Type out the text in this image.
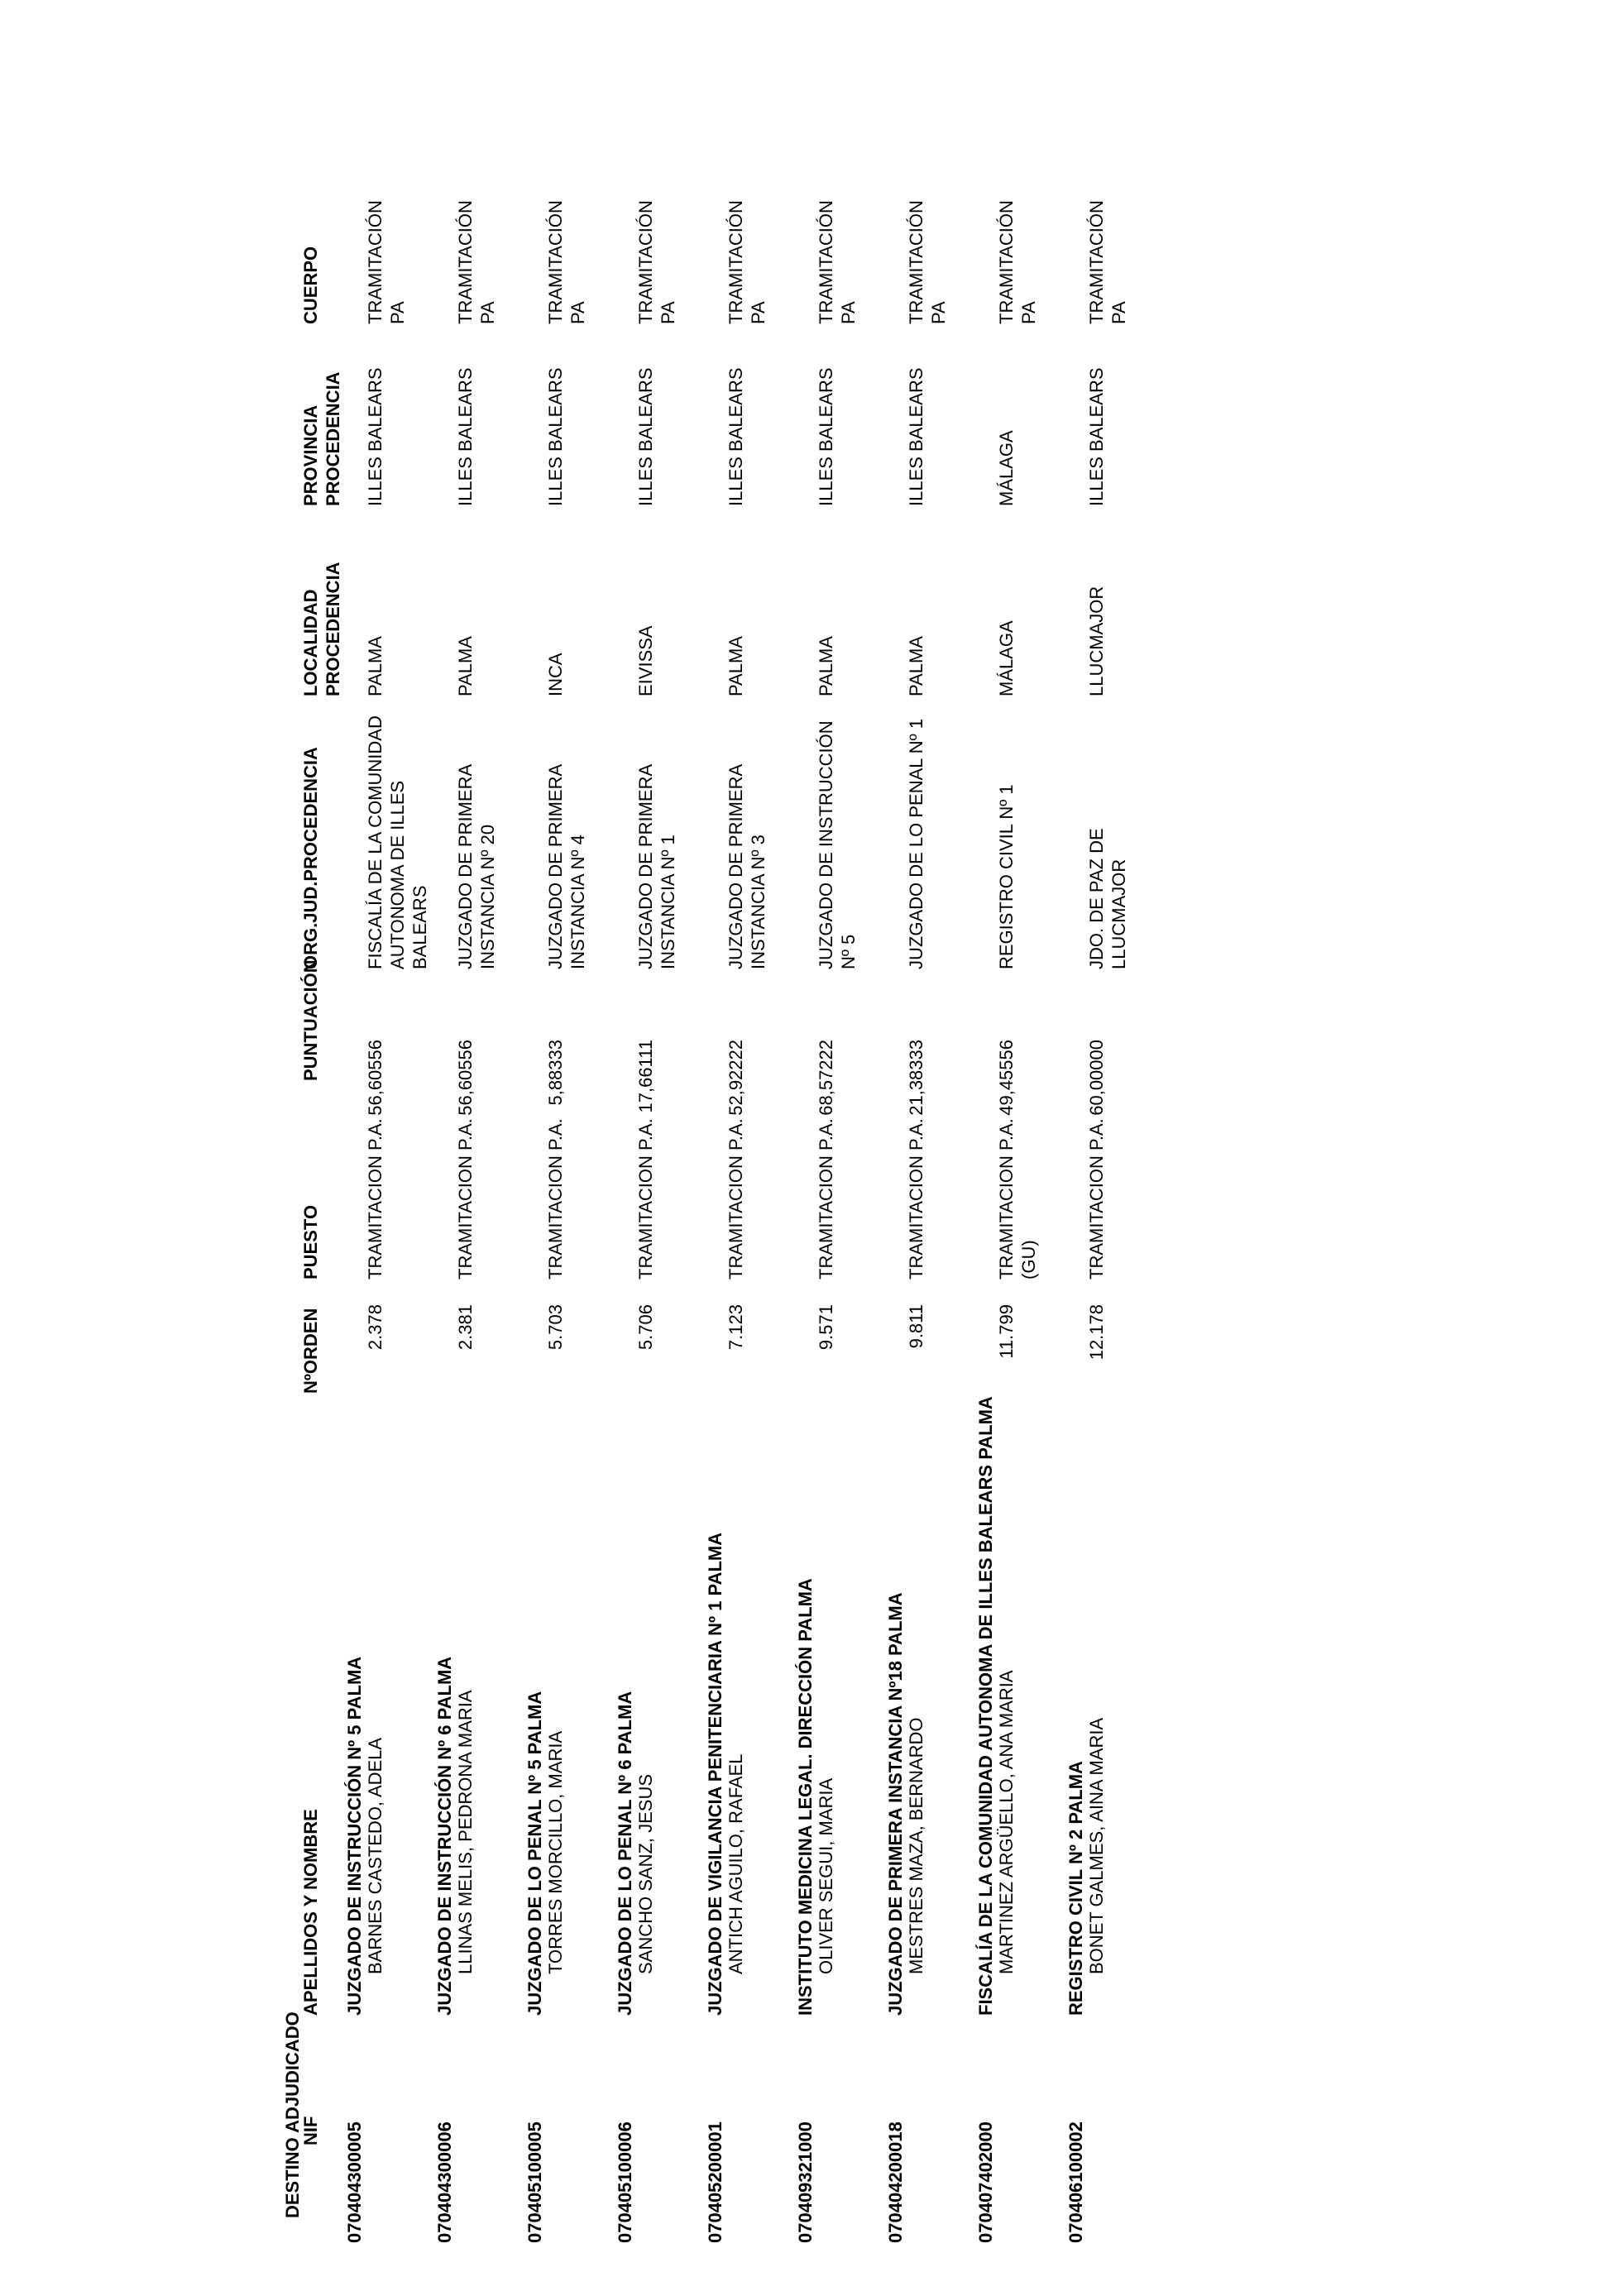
DESTINO ADJUDICADO
NIF
APELLIDOS Y NOMBRE
NºORDEN
PUESTO
PUNTUACIÓN
ORG.JUD.PROCEDENCIA
LOCALIDAD PROCEDENCIA
PROVINCIA PROCEDENCIA
CUERPO
070404300005
JUZGADO DE INSTRUCCIÓN Nº 5 PALMA BARNES CASTEDO, ADELA
2.378
TRAMITACION P.A.
56,60556
FISCALÍA DE LA COMUNIDAD AUTONOMA DE ILLES BALEARS
PALMA
ILLES BALEARS
TRAMITACIÓN PA
070404300006
JUZGADO DE INSTRUCCIÓN Nº 6 PALMA LLINAS MELIS, PEDRONA MARIA
2.381
TRAMITACION P.A.
56,60556
JUZGADO DE PRIMERA INSTANCIA Nº 20
PALMA
ILLES BALEARS
TRAMITACIÓN PA
070405100005
JUZGADO DE LO PENAL Nº 5 PALMA TORRES MORCILLO, MARIA
5.703
TRAMITACION P.A.
5,88333
JUZGADO DE PRIMERA INSTANCIA Nº 4
INCA
ILLES BALEARS
TRAMITACIÓN PA
070405100006
JUZGADO DE LO PENAL Nº 6 PALMA SANCHO SANZ, JESUS
5.706
TRAMITACION P.A.
17,66111
JUZGADO DE PRIMERA INSTANCIA Nº 1
EIVISSA
ILLES BALEARS
TRAMITACIÓN PA
070405200001
JUZGADO DE VIGILANCIA PENITENCIARIA Nº 1 PALMA ANTICH AGUILO, RAFAEL
7.123
TRAMITACION P.A.
52,92222
JUZGADO DE PRIMERA INSTANCIA Nº 3
PALMA
ILLES BALEARS
TRAMITACIÓN PA
070409321000
INSTITUTO MEDICINA LEGAL. DIRECCIÓN PALMA OLIVER SEGUI, MARIA
9.571
TRAMITACION P.A.
68,57222
JUZGADO DE INSTRUCCIÓN Nº 5
PALMA
ILLES BALEARS
TRAMITACIÓN PA
070404200018
JUZGADO DE PRIMERA INSTANCIA Nº18 PALMA MESTRES MAZA, BERNARDO
9.811
TRAMITACION P.A.
21,38333
JUZGADO DE LO PENAL Nº 1
PALMA
ILLES BALEARS
TRAMITACIÓN PA
070407402000
FISCALÍA DE LA COMUNIDAD AUTONOMA DE ILLES BALEARS PALMA MARTINEZ ARGÜELLO, ANA MARIA
11.799
TRAMITACION P.A. (GU)
49,45556
REGISTRO CIVIL Nº 1
MÁLAGA
MÁLAGA
TRAMITACIÓN PA
070406100002
REGISTRO CIVIL Nº 2 PALMA BONET GALMES, AINA MARIA
12.178
TRAMITACION P.A.
60,00000
JDO. DE PAZ DE LLUCMAJOR
LLUCMAJOR
ILLES BALEARS
TRAMITACIÓN PA
